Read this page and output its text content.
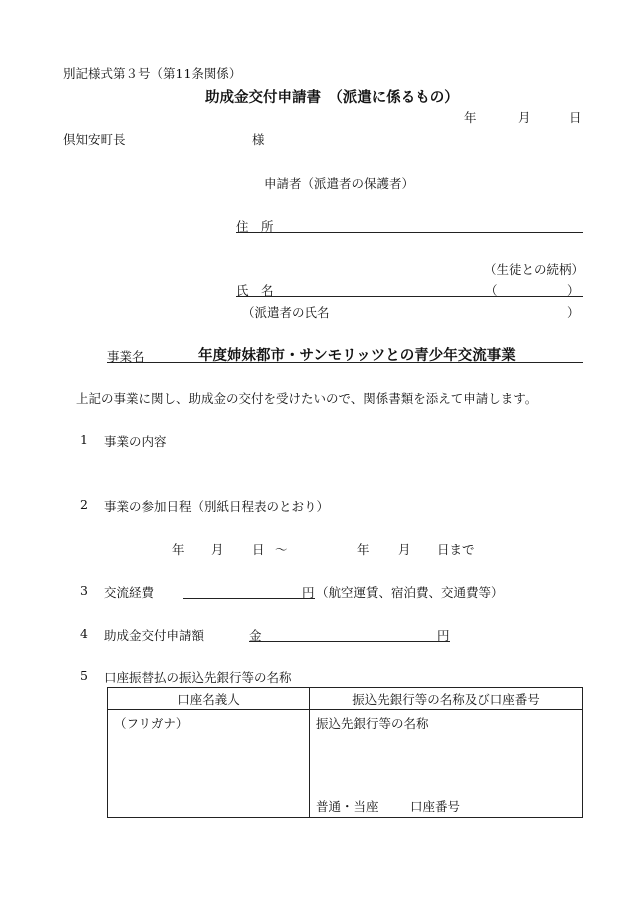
別記様式第３号（第11条関係）
助成金交付申請書　（派遣に係るもの）
年	月	日
倶知安町長	様
申請者（派遣者の保護者）
住　所
（生徒との続柄）
氏　名	（	）
（派遣者の氏名	）
事業名	年度姉妹都市・サンモリッツとの青少年交流事業
上記の事業に関し、助成金の交付を受けたいので、関係書類を添えて申請します。
1 事業の内容
2 事業の参加日程（別紙日程表のとおり）
年 月 日 〜	年 月 日まで
3 交流経費	円 （航空運賃、宿泊費、交通費等）
4 助成金交付申請額	金	円
5 口座振替払の振込先銀行等の名称
口座名義人	振込先銀行等の名称及び口座番号

（フリガナ）	振込先銀行等の名称
普通・当座 口座番号
